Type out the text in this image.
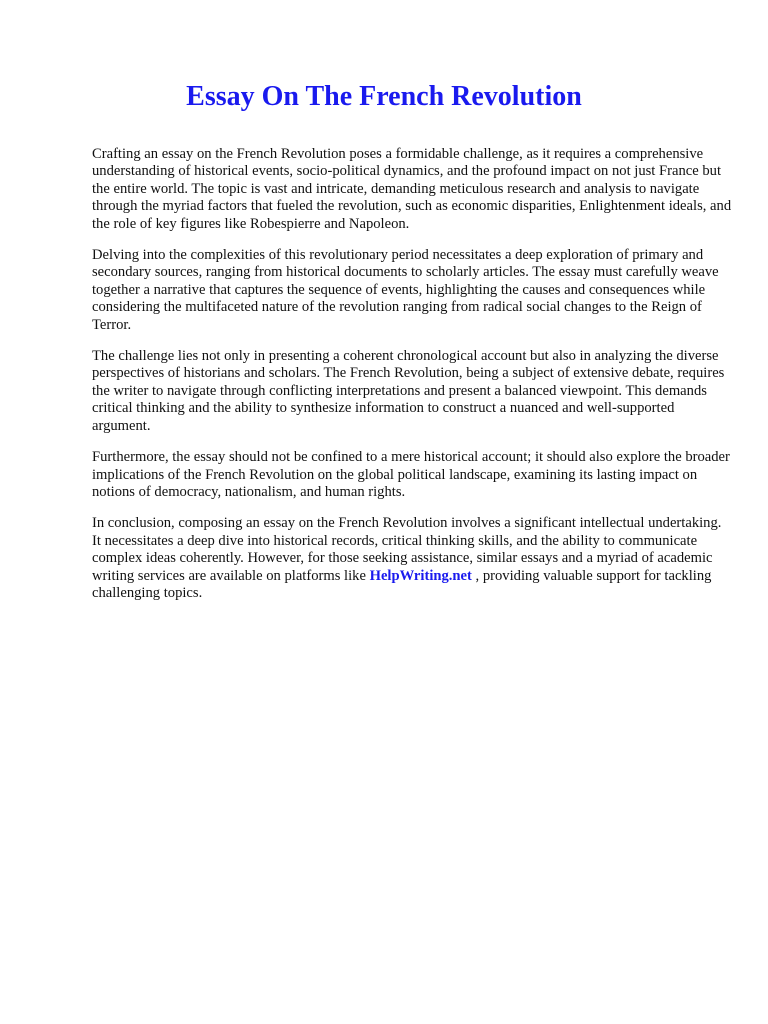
Essay On The French Revolution

Crafting an essay on the French Revolution poses a formidable challenge, as it requires a comprehensive understanding of historical events, socio-political dynamics, and the profound impact on not just France but the entire world. The topic is vast and intricate, demanding meticulous research and analysis to navigate through the myriad factors that fueled the revolution, such as economic disparities, Enlightenment ideals, and the role of key figures like Robespierre and Napoleon.

Delving into the complexities of this revolutionary period necessitates a deep exploration of primary and secondary sources, ranging from historical documents to scholarly articles. The essay must carefully weave together a narrative that captures the sequence of events, highlighting the causes and consequences while considering the multifaceted nature of the revolution ranging from radical social changes to the Reign of Terror.

The challenge lies not only in presenting a coherent chronological account but also in analyzing the diverse perspectives of historians and scholars. The French Revolution, being a subject of extensive debate, requires the writer to navigate through conflicting interpretations and present a balanced viewpoint. This demands critical thinking and the ability to synthesize information to construct a nuanced and well-supported argument.

Furthermore, the essay should not be confined to a mere historical account; it should also explore the broader implications of the French Revolution on the global political landscape, examining its lasting impact on notions of democracy, nationalism, and human rights.

In conclusion, composing an essay on the French Revolution involves a significant intellectual undertaking. It necessitates a deep dive into historical records, critical thinking skills, and the ability to communicate complex ideas coherently. However, for those seeking assistance, similar essays and a myriad of academic writing services are available on platforms like HelpWriting.net , providing valuable support for tackling challenging topics.
